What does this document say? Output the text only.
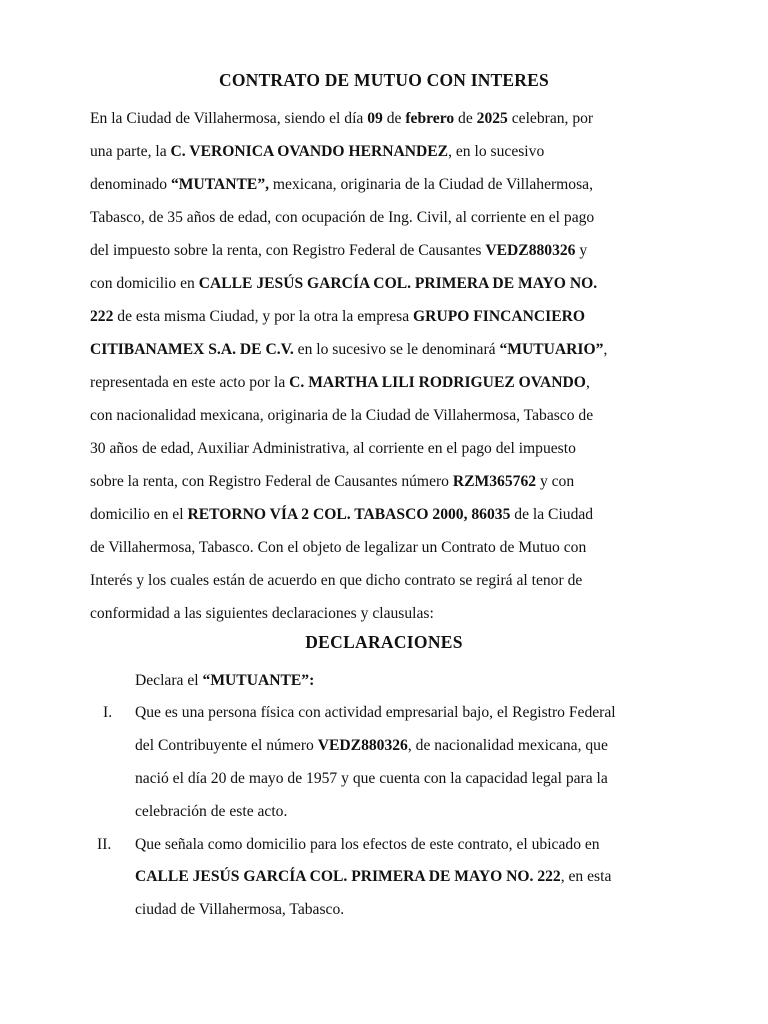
CONTRATO DE MUTUO CON INTERES
En la Ciudad de Villahermosa, siendo el día 09 de febrero de 2025 celebran, por
una parte, la C. VERONICA OVANDO HERNANDEZ, en lo sucesivo
denominado “MUTANTE”, mexicana, originaria de la Ciudad de Villahermosa,
Tabasco, de 35 años de edad, con ocupación de Ing. Civil, al corriente en el pago
del impuesto sobre la renta, con Registro Federal de Causantes VEDZ880326 y
con domicilio en CALLE JESÚS GARCÍA COL. PRIMERA DE MAYO NO.
222 de esta misma Ciudad, y por la otra la empresa GRUPO FINCANCIERO
CITIBANAMEX S.A. DE C.V. en lo sucesivo se le denominará “MUTUARIO”,
representada en este acto por la C. MARTHA LILI RODRIGUEZ OVANDO,
con nacionalidad mexicana, originaria de la Ciudad de Villahermosa, Tabasco de
30 años de edad, Auxiliar Administrativa, al corriente en el pago del impuesto
sobre la renta, con Registro Federal de Causantes número RZM365762 y con
domicilio en el RETORNO VÍA 2 COL. TABASCO 2000, 86035 de la Ciudad
de Villahermosa, Tabasco. Con el objeto de legalizar un Contrato de Mutuo con
Interés y los cuales están de acuerdo en que dicho contrato se regirá al tenor de
conformidad a las siguientes declaraciones y clausulas:
DECLARACIONES
Declara el “MUTUANTE”:
I. Que es una persona física con actividad empresarial bajo, el Registro Federal
del Contribuyente el número VEDZ880326, de nacionalidad mexicana, que
nació el día 20 de mayo de 1957 y que cuenta con la capacidad legal para la
celebración de este acto.
II. Que señala como domicilio para los efectos de este contrato, el ubicado en
CALLE JESÚS GARCÍA COL. PRIMERA DE MAYO NO. 222, en esta
ciudad de Villahermosa, Tabasco.
